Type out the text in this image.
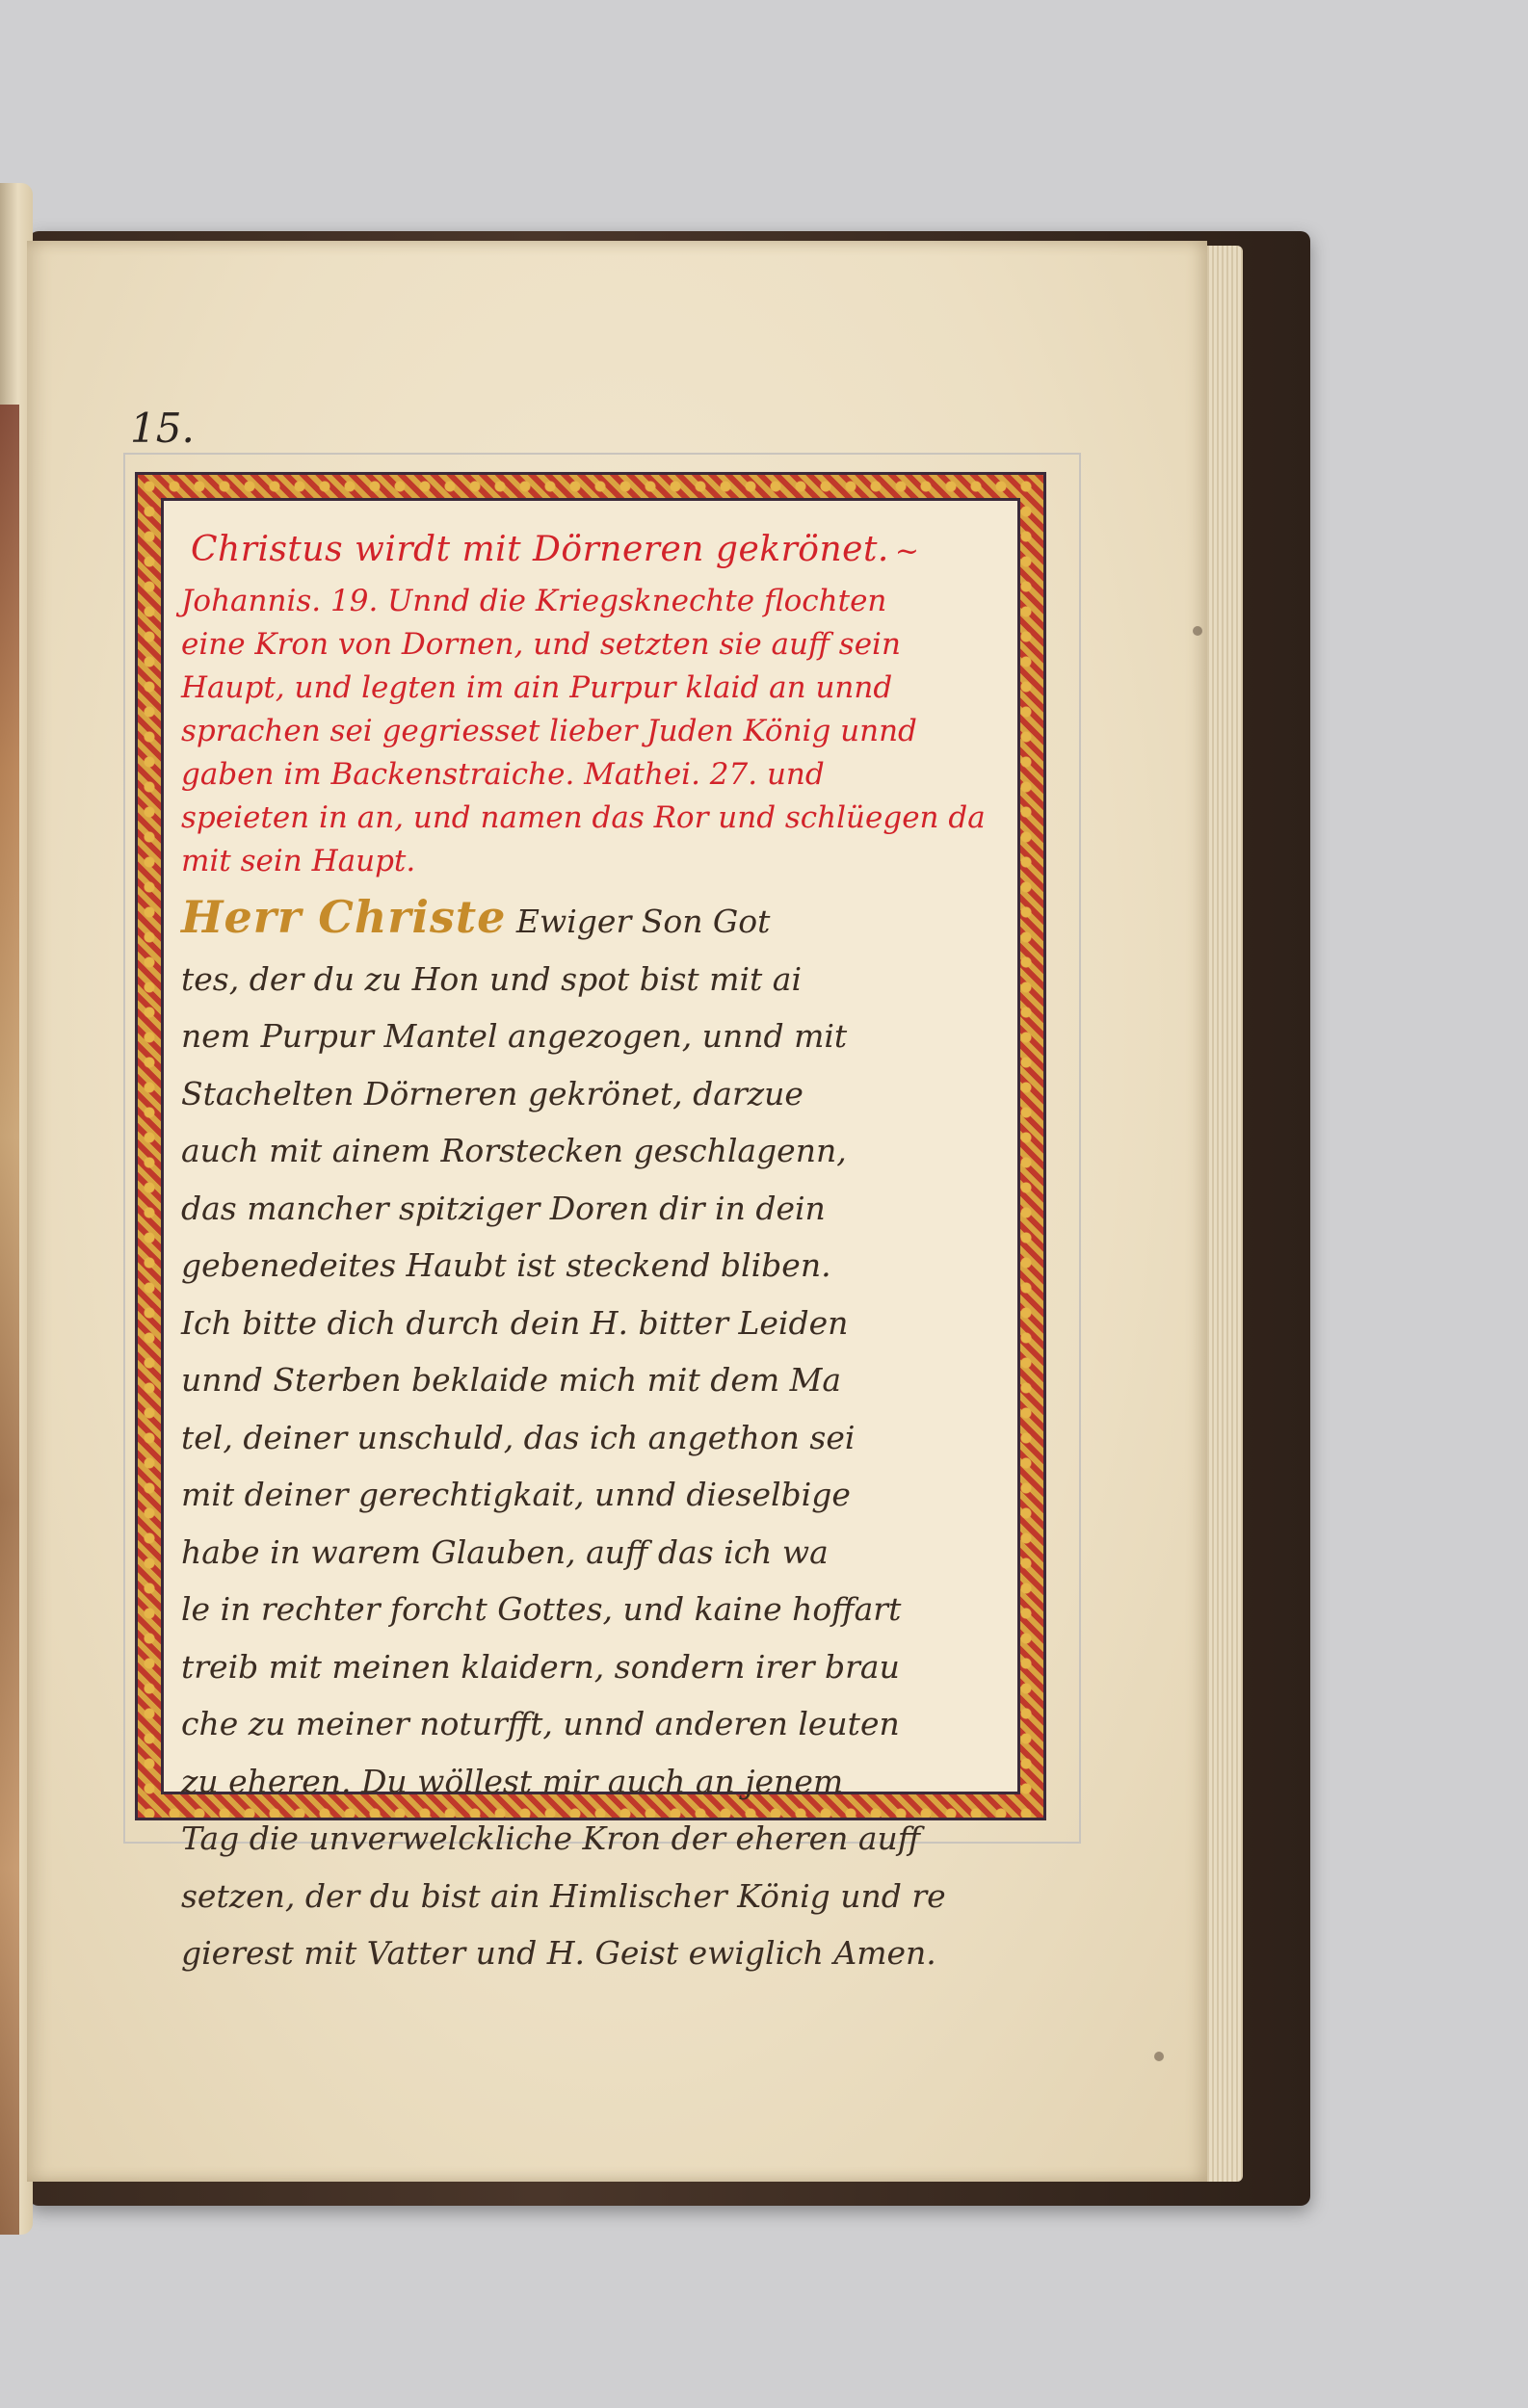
15.
Christus wirdt mit Dörneren gekrönet. ~
Johannis. 19. Unnd die Kriegsknechte flochten
eine Kron von Dornen, und setzten sie auff sein
Haupt, und legten im ain Purpur klaid an unnd
sprachen sei gegriesset lieber Juden König unnd
gaben im Backenstraiche. Mathei. 27. und
speieten in an, und namen das Ror und schlüegen da
mit sein Haupt.
Herr Christe Ewiger Son Got
tes, der du zu Hon und spot bist mit ai
nem Purpur Mantel angezogen, unnd mit
Stachelten Dörneren gekrönet, darzue
auch mit ainem Rorstecken geschlagenn,
das mancher spitziger Doren dir in dein
gebenedeites Haubt ist steckend bliben.
Ich bitte dich durch dein H. bitter Leiden
unnd Sterben beklaide mich mit dem Ma
tel, deiner unschuld, das ich angethon sei
mit deiner gerechtigkait, unnd dieselbige
habe in warem Glauben, auff das ich wa
le in rechter forcht Gottes, und kaine hoffart
treib mit meinen klaidern, sondern irer brau
che zu meiner noturfft, unnd anderen leuten
zu eheren. Du wöllest mir auch an jenem
Tag die unverwelckliche Kron der eheren auff
setzen, der du bist ain Himlischer König und re
gierest mit Vatter und H. Geist ewiglich Amen.
